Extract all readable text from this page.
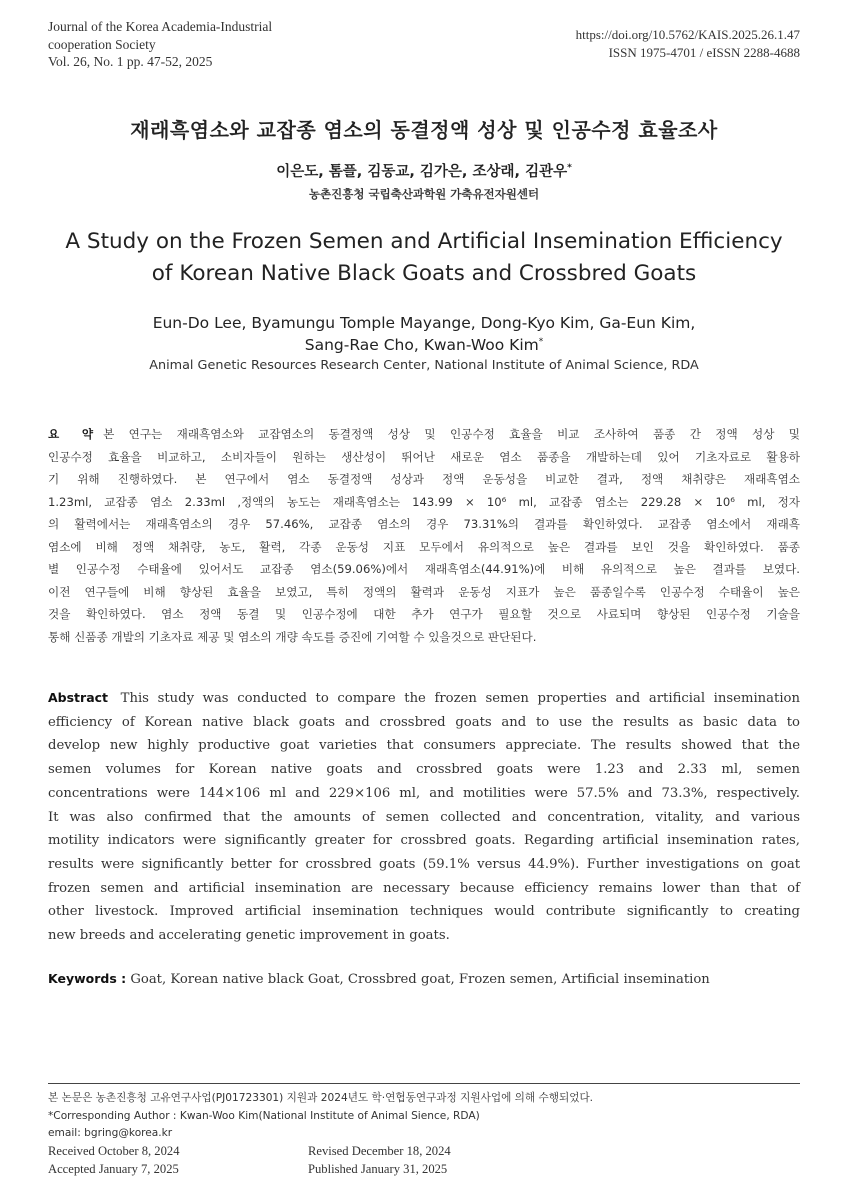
Journal of the Korea Academia-Industrial
cooperation Society
Vol. 26, No. 1 pp. 47-52, 2025
https://doi.org/10.5762/KAIS.2025.26.1.47
ISSN 1975-4701 / eISSN 2288-4688
재래흑염소와 교잡종 염소의 동결정액 성상 및 인공수정 효율조사
이은도, 톰플, 김동교, 김가은, 조상래, 김관우*
농촌진흥청 국립축산과학원 가축유전자원센터
A Study on the Frozen Semen and Artificial Insemination Efficiency
of Korean Native Black Goats and Crossbred Goats
Eun-Do Lee, Byamungu Tomple Mayange, Dong-Kyo Kim, Ga-Eun Kim,
Sang-Rae Cho, Kwan-Woo Kim*
Animal Genetic Resources Research Center, National Institute of Animal Science, RDA
요 약 본 연구는 재래흑염소와 교잡염소의 동결정액 성상 및 인공수정 효율을 비교 조사하여 품종 간 정액 성상 및
인공수정 효율을 비교하고, 소비자들이 원하는 생산성이 뛰어난 새로운 염소 품종을 개발하는데 있어 기초자료로 활용하
기 위해 진행하였다. 본 연구에서 염소 동결정액 성상과 정액 운동성을 비교한 결과, 정액 채취량은 재래흑염소
1.23ml, 교잡종 염소 2.33ml ,정액의 농도는 재래흑염소는 143.99 × 10⁶ ml, 교잡종 염소는 229.28 × 10⁶ ml, 정자
의 활력에서는 재래흑염소의 경우 57.46%, 교잡종 염소의 경우 73.31%의 결과를 확인하였다. 교잡종 염소에서 재래흑
염소에 비해 정액 채취량, 농도, 활력, 각종 운동성 지표 모두에서 유의적으로 높은 결과를 보인 것을 확인하였다. 품종
별 인공수정 수태율에 있어서도 교잡종 염소(59.06%)에서 재래흑염소(44.91%)에 비해 유의적으로 높은 결과를 보였다.
이전 연구들에 비해 향상된 효율을 보였고, 특히 정액의 활력과 운동성 지표가 높은 품종일수록 인공수정 수태율이 높은
것을 확인하였다. 염소 정액 동결 및 인공수정에 대한 추가 연구가 필요할 것으로 사료되며 향상된 인공수정 기술을
통해 신품종 개발의 기초자료 제공 및 염소의 개량 속도를 증진에 기여할 수 있을것으로 판단된다.
Abstract This study was conducted to compare the frozen semen properties and artificial insemination
efficiency of Korean native black goats and crossbred goats and to use the results as basic data to
develop new highly productive goat varieties that consumers appreciate. The results showed that the
semen volumes for Korean native goats and crossbred goats were 1.23 and 2.33 ml, semen
concentrations were 144×106 ml and 229×106 ml, and motilities were 57.5% and 73.3%, respectively.
It was also confirmed that the amounts of semen collected and concentration, vitality, and various
motility indicators were significantly greater for crossbred goats. Regarding artificial insemination rates,
results were significantly better for crossbred goats (59.1% versus 44.9%). Further investigations on goat
frozen semen and artificial insemination are necessary because efficiency remains lower than that of
other livestock. Improved artificial insemination techniques would contribute significantly to creating
new breeds and accelerating genetic improvement in goats.
Keywords : Goat, Korean native black Goat, Crossbred goat, Frozen semen, Artificial insemination
본 논문은 농촌진흥청 고유연구사업(PJ01723301) 지원과 2024년도 학·연협동연구과정 지원사업에 의해 수행되었다.
*Corresponding Author : Kwan-Woo Kim(National Institute of Animal Sience, RDA)
email: bgring@korea.kr
Received October 8, 2024	Revised December 18, 2024
Accepted January 7, 2025	Published January 31, 2025
